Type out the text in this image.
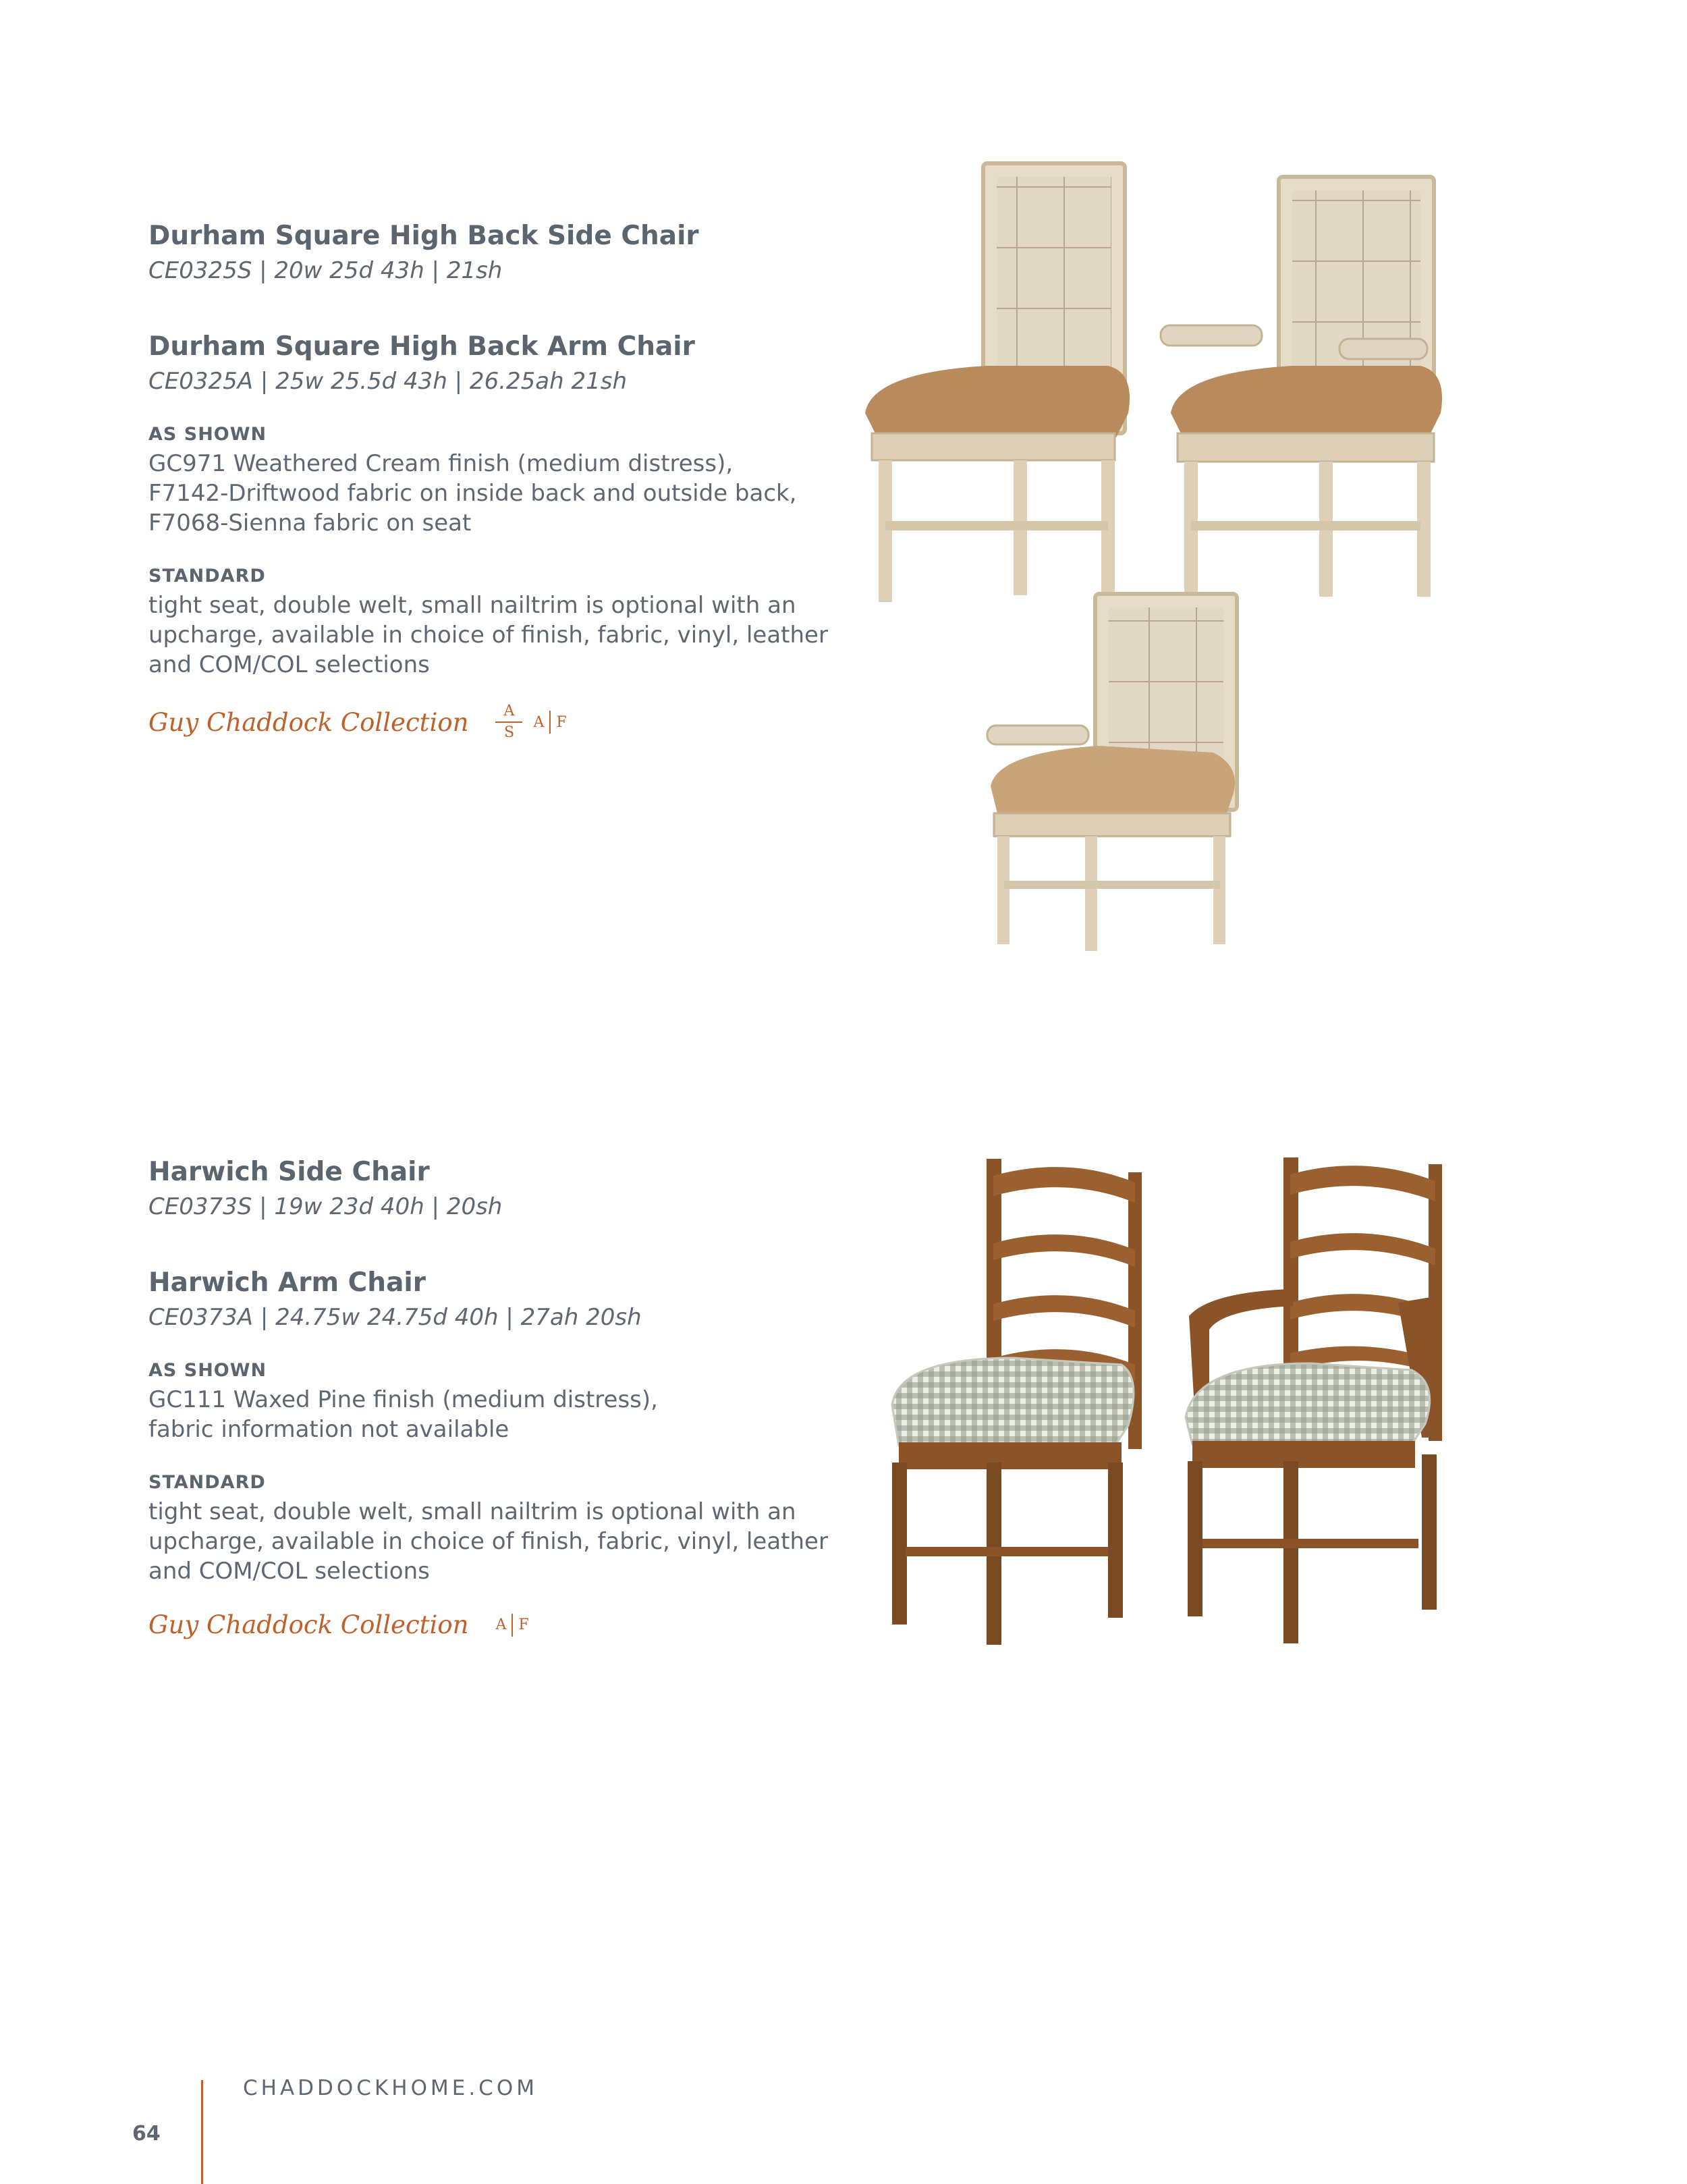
Durham Square High Back Side Chair

CE0325S | 20w 25d 43h | 21sh

Durham Square High Back Arm Chair

CE0325A | 25w 25.5d 43h | 26.25ah 21sh

AS SHOWN

GC971 Weathered Cream finish (medium distress),
F7142-Driftwood fabric on inside back and outside back,
F7068-Sienna fabric on seat

STANDARD

tight seat, double welt, small nailtrim is optional with an
upcharge, available in choice of finish, fabric, vinyl, leather
and COM/COL selections

Guy Chaddock Collection A
S
A F
Harwich Side Chair

CE0373S | 19w 23d 40h | 20sh

Harwich Arm Chair

CE0373A | 24.75w 24.75d 40h | 27ah 20sh

AS SHOWN

GC111 Waxed Pine finish (medium distress),
fabric information not available

STANDARD

tight seat, double welt, small nailtrim is optional with an
upcharge, available in choice of finish, fabric, vinyl, leather
and COM/COL selections

Guy Chaddock Collection A F
CHADDOCKHOME.COM
64
